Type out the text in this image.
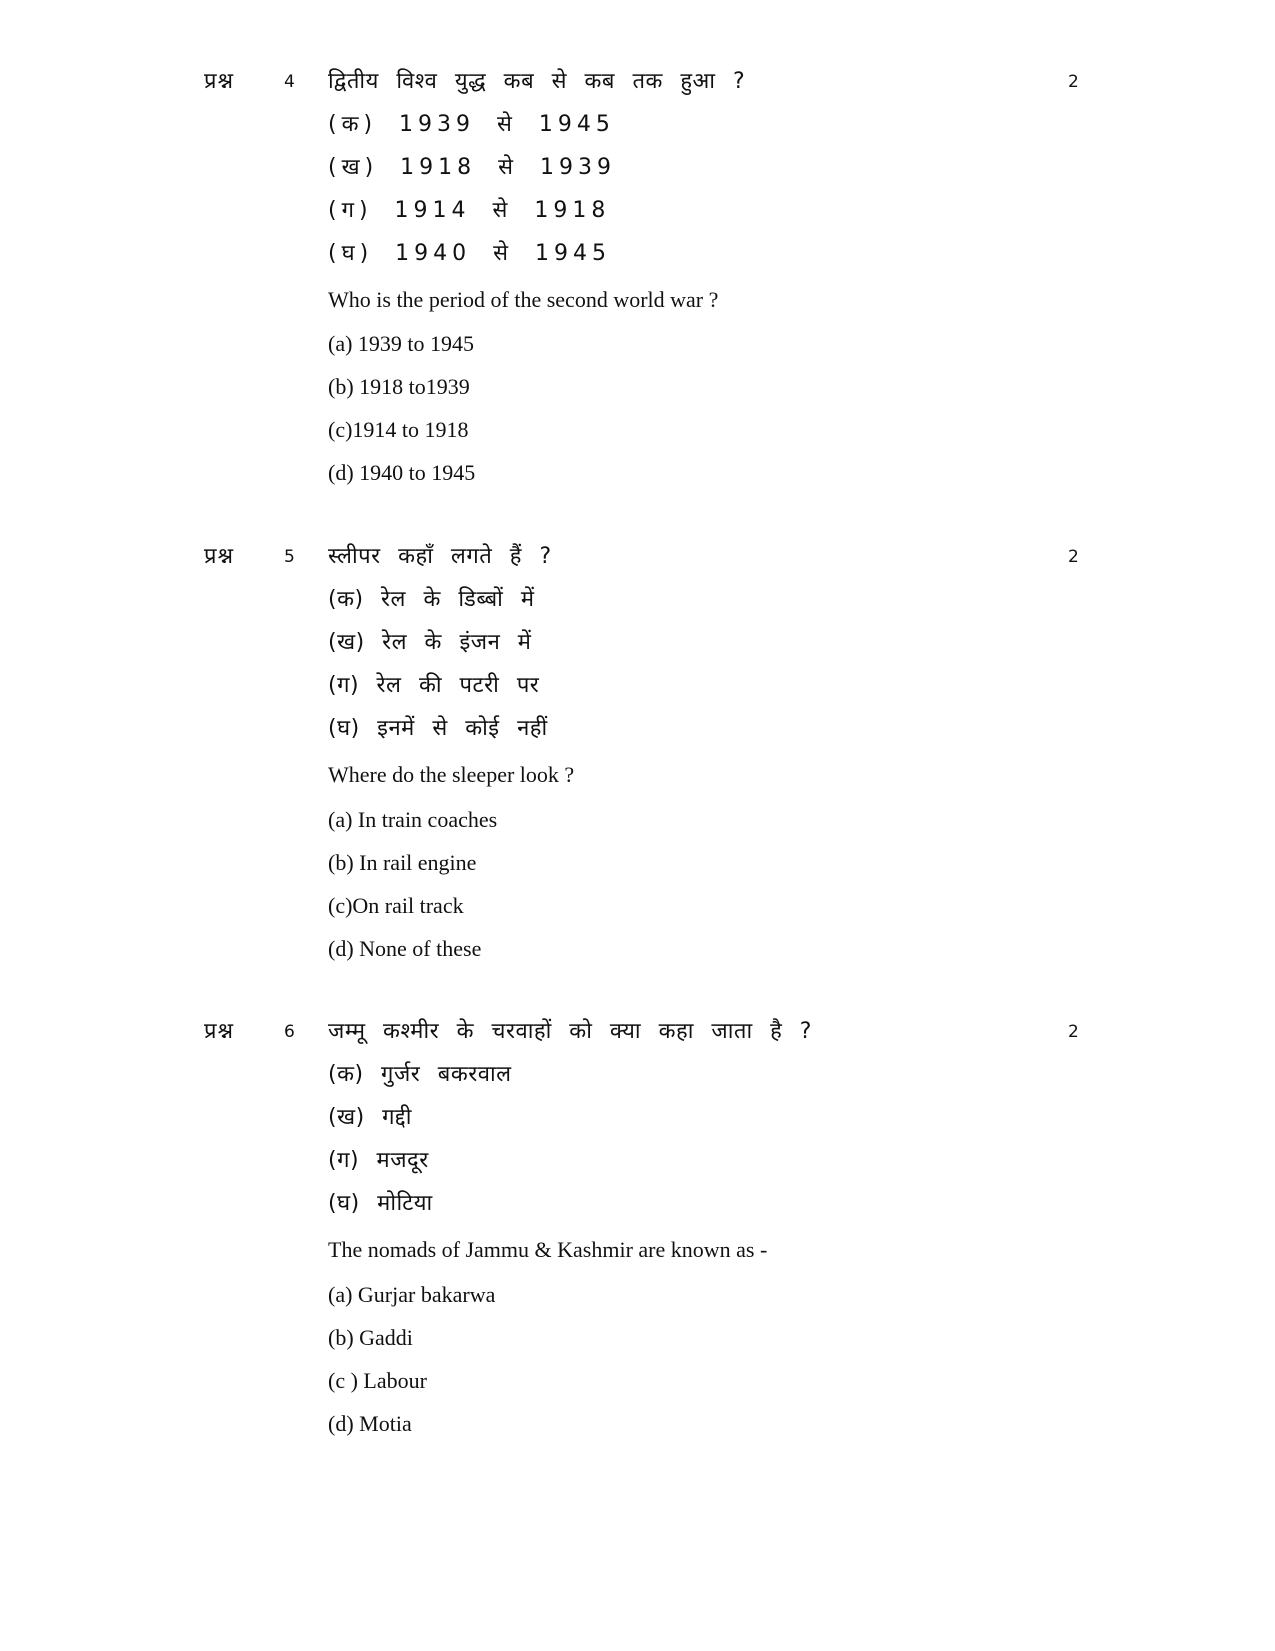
प्रश्न	4	2
द्वितीय विश्व युद्ध कब से कब तक हुआ ?
(क) 1939 से 1945
(ख) 1918 से 1939
(ग) 1914 से 1918
(घ) 1940 से 1945
Who is the period of the second world war ?
(a) 1939 to 1945
(b) 1918 to1939
(c)1914 to 1918
(d) 1940 to 1945
प्रश्न	5	2
स्लीपर कहाँ लगते हैं ?
(क) रेल के डिब्बों में
(ख) रेल के इंजन में
(ग) रेल की पटरी पर
(घ) इनमें से कोई नहीं
Where do the sleeper look ?
(a) In train coaches
(b) In rail engine
(c)On rail track
(d) None of these
प्रश्न	6	2
जम्मू कश्मीर के चरवाहों को क्या कहा जाता है ?
(क) गुर्जर बकरवाल
(ख) गद्दी
(ग) मजदूर
(घ) मोटिया
The nomads of Jammu & Kashmir are known as -
(a) Gurjar bakarwa
(b) Gaddi
(c ) Labour
(d) Motia
